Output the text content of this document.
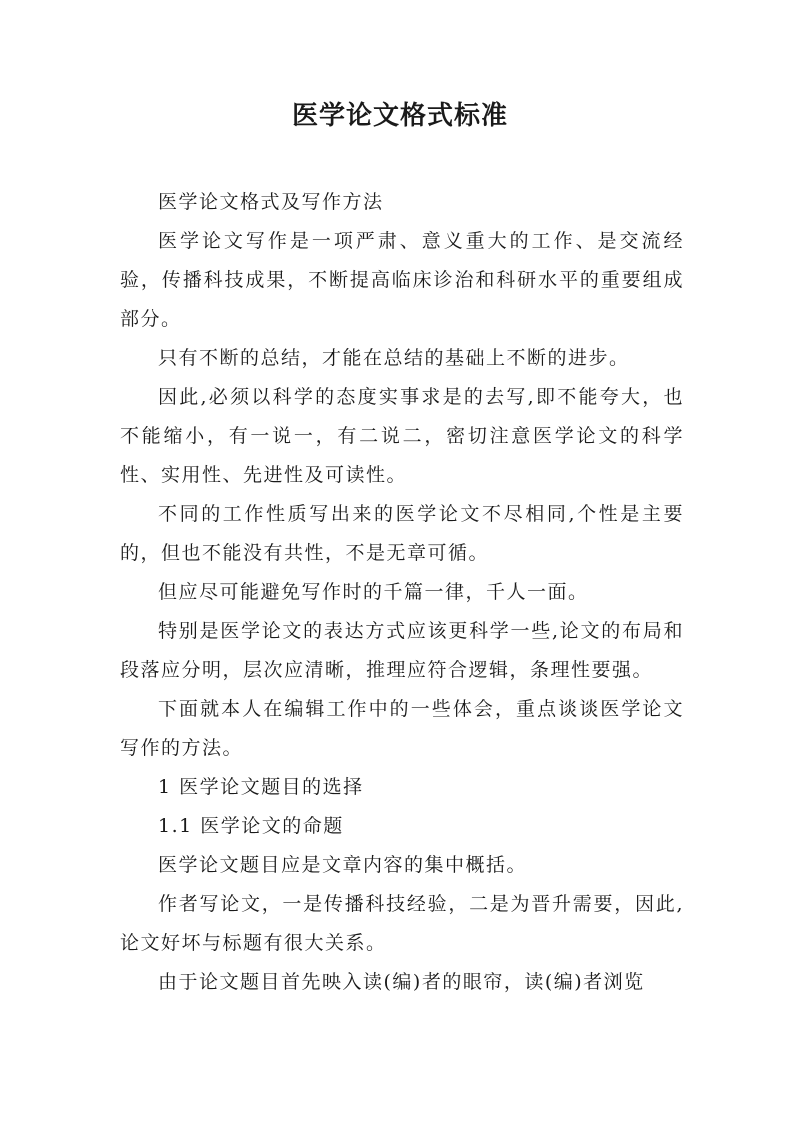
医学论文格式标准

医学论文格式及写作方法

医学论文写作是一项严肃、意义重大的工作、是交流经验，传播科技成果，不断提高临床诊治和科研水平的重要组成部分。

只有不断的总结，才能在总结的基础上不断的进步。

因此,必须以科学的态度实事求是的去写,即不能夸大，也不能缩小，有一说一，有二说二，密切注意医学论文的科学性、实用性、先进性及可读性。

不同的工作性质写出来的医学论文不尽相同,个性是主要的，但也不能没有共性，不是无章可循。

但应尽可能避免写作时的千篇一律，千人一面。

特别是医学论文的表达方式应该更科学一些,论文的布局和段落应分明，层次应清晰，推理应符合逻辑，条理性要强。

下面就本人在编辑工作中的一些体会，重点谈谈医学论文写作的方法。

1 医学论文题目的选择

1.1 医学论文的命题

医学论文题目应是文章内容的集中概括。

作者写论文，一是传播科技经验，二是为晋升需要，因此,论文好坏与标题有很大关系。

由于论文题目首先映入读(编)者的眼帘，读(编)者浏览
